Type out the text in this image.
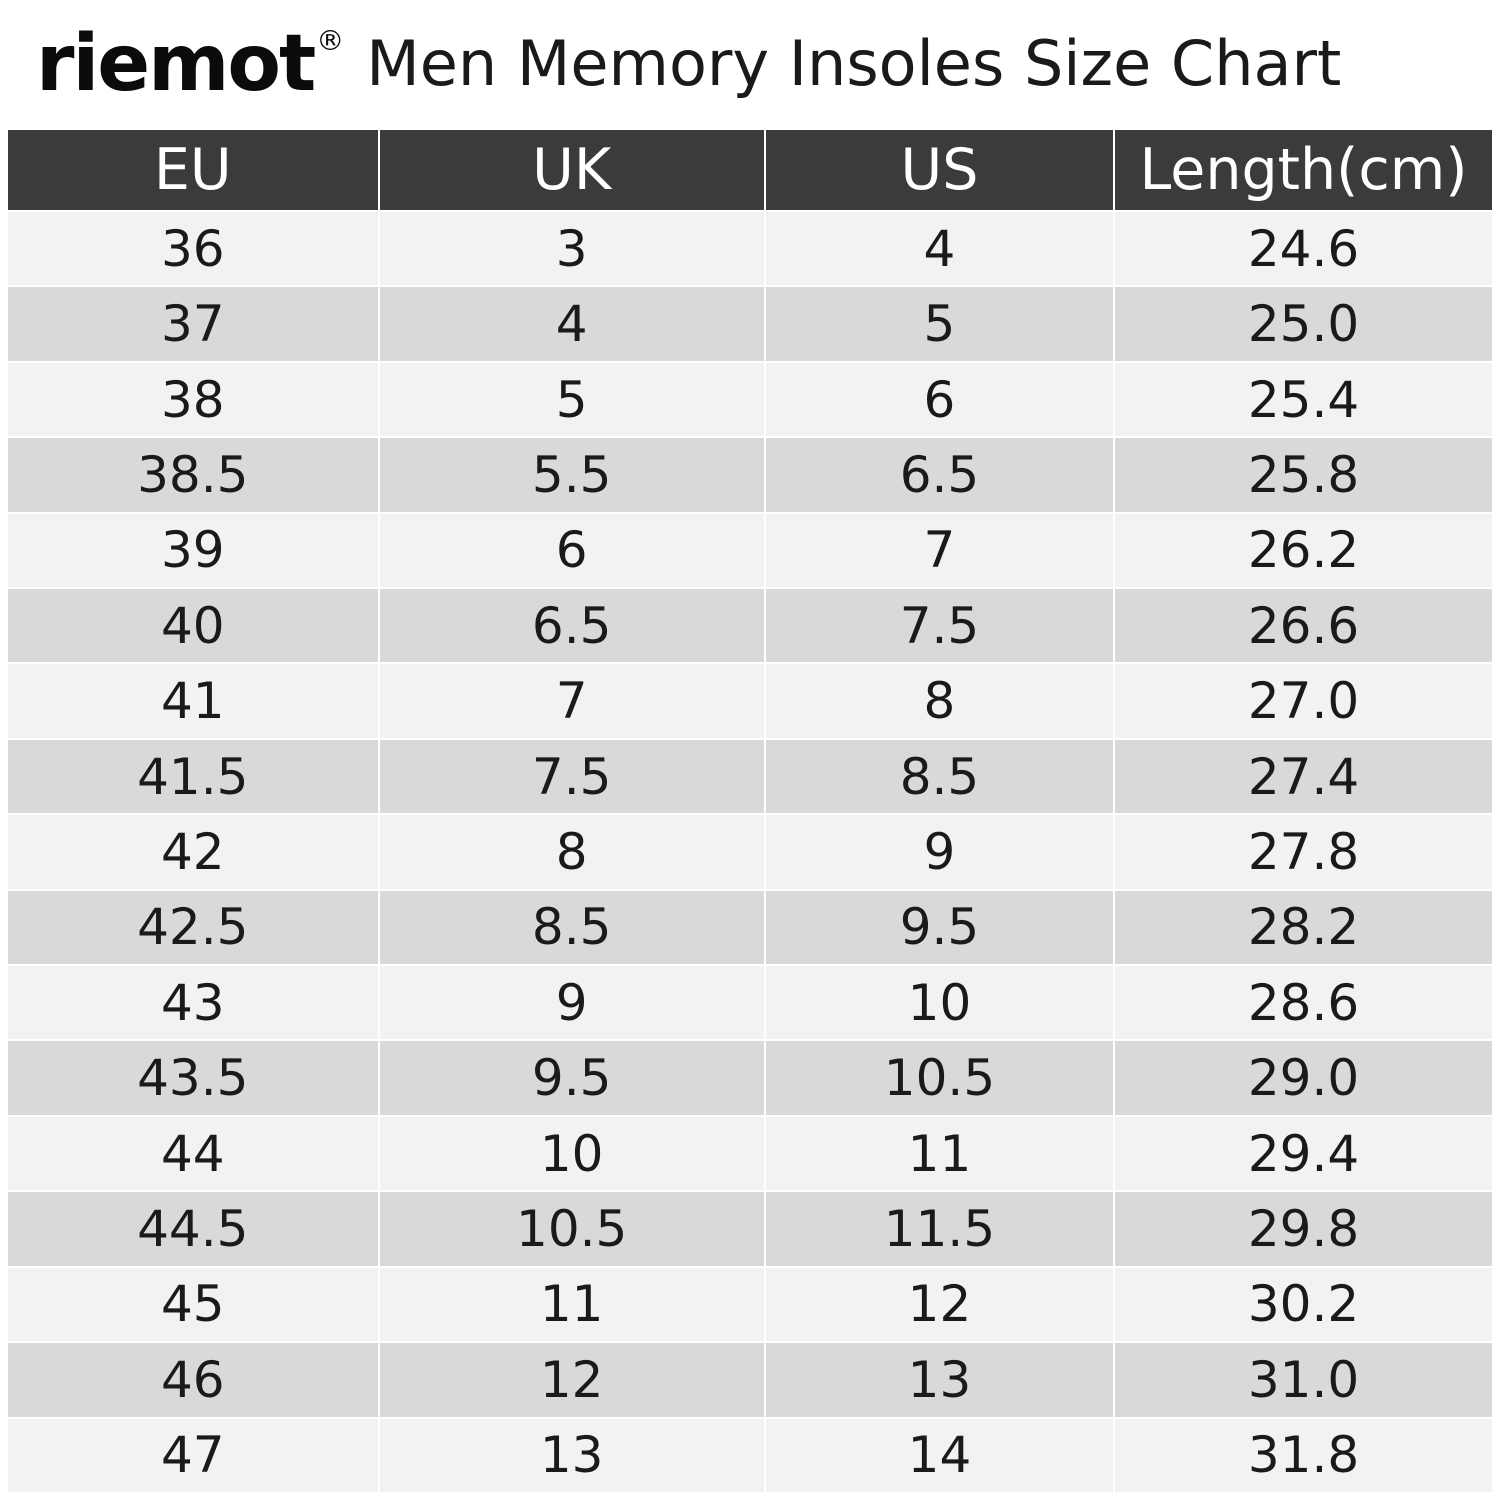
riemot ® Men Memory Insoles Size Chart
EU	UK	US	Length(cm)
36	3	4	24.6
37	4	5	25.0
38	5	6	25.4
38.5	5.5	6.5	25.8
39	6	7	26.2
40	6.5	7.5	26.6
41	7	8	27.0
41.5	7.5	8.5	27.4
42	8	9	27.8
42.5	8.5	9.5	28.2
43	9	10	28.6
43.5	9.5	10.5	29.0
44	10	11	29.4
44.5	10.5	11.5	29.8
45	11	12	30.2
46	12	13	31.0
47	13	14	31.8
